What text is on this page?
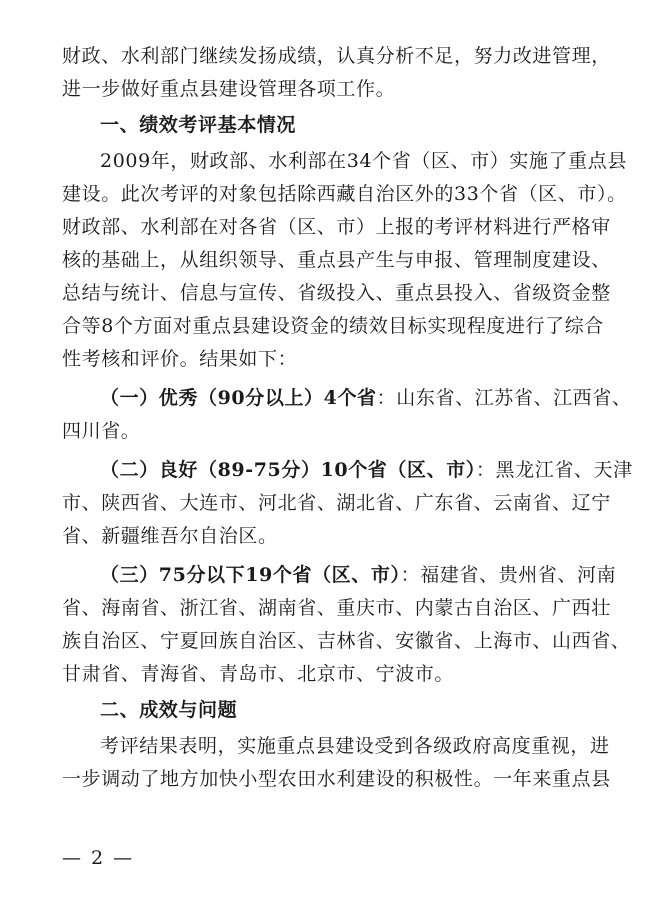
财政、水利部门继续发扬成绩，认真分析不足，努力改进管理，
进一步做好重点县建设管理各项工作。
一、绩效考评基本情况
2009年，财政部、水利部在34个省（区、市）实施了重点县
建设。此次考评的对象包括除西藏自治区外的33个省（区、市）。
财政部、水利部在对各省（区、市）上报的考评材料进行严格审
核的基础上，从组织领导、重点县产生与申报、管理制度建设、
总结与统计、信息与宣传、省级投入、重点县投入、省级资金整
合等8个方面对重点县建设资金的绩效目标实现程度进行了综合
性考核和评价。结果如下：
（一）优秀（90分以上）4个省：山东省、江苏省、江西省、
四川省。
（二）良好（89-75分）10个省（区、市）：黑龙江省、天津
市、陕西省、大连市、河北省、湖北省、广东省、云南省、辽宁
省、新疆维吾尔自治区。
（三）75分以下19个省（区、市）：福建省、贵州省、河南
省、海南省、浙江省、湖南省、重庆市、内蒙古自治区、广西壮
族自治区、宁夏回族自治区、吉林省、安徽省、上海市、山西省、
甘肃省、青海省、青岛市、北京市、宁波市。
二、成效与问题
考评结果表明，实施重点县建设受到各级政府高度重视，进
一步调动了地方加快小型农田水利建设的积极性。一年来重点县
— 2 —
